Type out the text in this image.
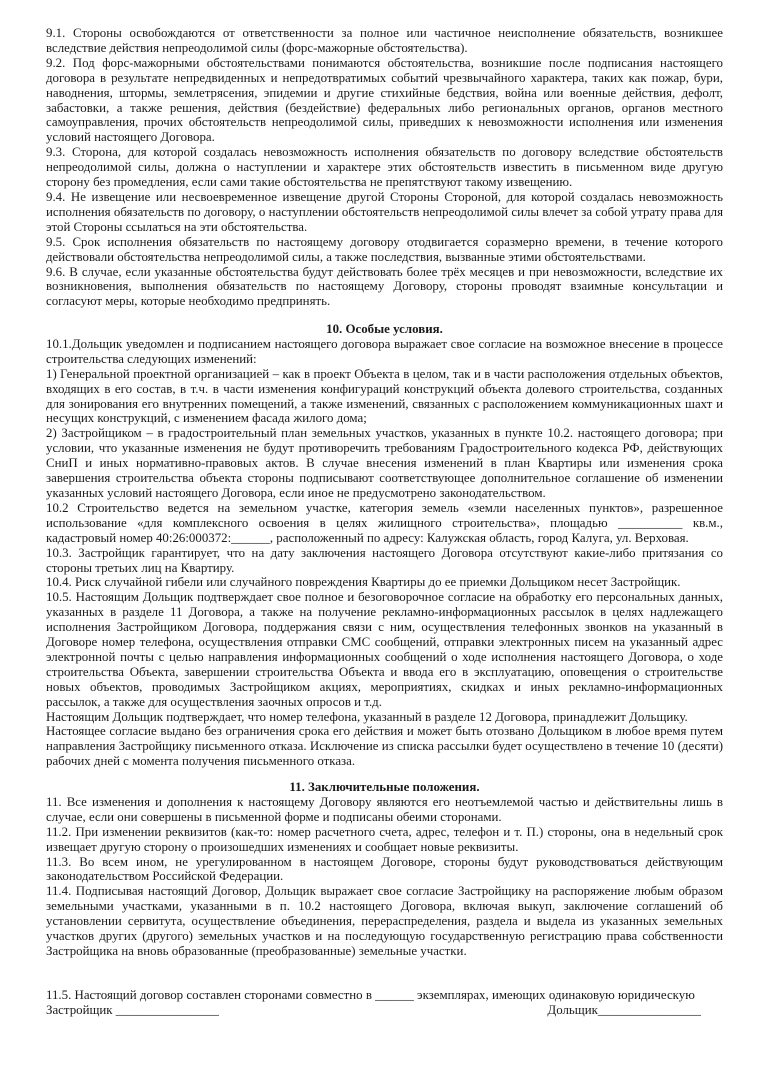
9.1. Стороны освобождаются от ответственности за полное или частичное неисполнение обязательств, возникшее вследствие действия непреодолимой силы (форс-мажорные обстоятельства).

9.2. Под форс-мажорными обстоятельствами понимаются обстоятельства, возникшие после подписания настоящего договора в результате непредвиденных и непредотвратимых событий чрезвычайного характера, таких как пожар, бури, наводнения, штормы, землетрясения, эпидемии и другие стихийные бедствия, война или военные действия, дефолт, забастовки, а также решения, действия (бездействие) федеральных либо региональных органов, органов местного самоуправления, прочих обстоятельств непреодолимой силы, приведших к невозможности исполнения или изменения условий настоящего Договора.

9.3. Сторона, для которой создалась невозможность исполнения обязательств по договору вследствие обстоятельств непреодолимой силы, должна о наступлении и характере этих обстоятельств известить в письменном виде другую сторону без промедления, если сами такие обстоятельства не препятствуют такому извещению.

9.4. Не извещение или несвоевременное извещение другой Стороны Стороной, для которой создалась невозможность исполнения обязательств по договору, о наступлении обстоятельств непреодолимой силы влечет за собой утрату права для этой Стороны ссылаться на эти обстоятельства.

9.5. Срок исполнения обязательств по настоящему договору отодвигается соразмерно времени, в течение которого действовали обстоятельства непреодолимой силы, а также последствия, вызванные этими обстоятельствами.

9.6. В случае, если указанные обстоятельства будут действовать более трёх месяцев и при невозможности, вследствие их возникновения, выполнения обязательств по настоящему Договору, стороны проводят взаимные консультации и согласуют меры, которые необходимо предпринять.

10. Особые условия.

10.1.Дольщик уведомлен и подписанием настоящего договора выражает свое согласие на возможное внесение в процессе строительства следующих изменений:

1) Генеральной проектной организацией – как в проект Объекта в целом, так и в части расположения отдельных объектов, входящих в его состав, в т.ч. в части изменения конфигураций конструкций объекта долевого строительства, созданных для зонирования его внутренних помещений, а также изменений, связанных с расположением коммуникационных шахт и несущих конструкций, с изменением фасада жилого дома;

2) Застройщиком – в градостроительный план земельных участков, указанных в пункте 10.2. настоящего договора; при условии, что указанные изменения не будут противоречить требованиям Градостроительного кодекса РФ, действующих СниП и иных нормативно-правовых актов. В случае внесения изменений в план Квартиры или изменения срока завершения строительства объекта стороны подписывают соответствующее дополнительное соглашение об изменении указанных условий настоящего Договора, если иное не предусмотрено законодательством.

10.2 Строительство ведется на земельном участке, категория земель «земли населенных пунктов», разрешенное использование «для комплексного освоения в целях жилищного строительства», площадью __________ кв.м., кадастровый номер 40:26:000372:______, расположенный по адресу: Калужская область, город Калуга, ул. Верховая.

10.3. Застройщик гарантирует, что на дату заключения настоящего Договора отсутствуют какие-либо притязания со стороны третьих лиц на Квартиру.

10.4. Риск случайной гибели или случайного повреждения Квартиры до ее приемки Дольщиком несет Застройщик.

10.5. Настоящим Дольщик подтверждает свое полное и безоговорочное согласие на обработку его персональных данных, указанных в разделе 11 Договора, а также на получение рекламно-информационных рассылок в целях надлежащего исполнения Застройщиком Договора, поддержания связи с ним, осуществления телефонных звонков на указанный в Договоре номер телефона, осуществления отправки СМС сообщений, отправки электронных писем на указанный адрес электронной почты с целью направления информационных сообщений о ходе исполнения настоящего Договора, о ходе строительства Объекта, завершении строительства Объекта и ввода его в эксплуатацию, оповещения о строительстве новых объектов, проводимых Застройщиком акциях, мероприятиях, скидках и иных рекламно-информационных рассылок, а также для осуществления заочных опросов и т.д.

Настоящим Дольщик подтверждает, что номер телефона, указанный в разделе 12 Договора, принадлежит Дольщику.

Настоящее согласие выдано без ограничения срока его действия и может быть отозвано Дольщиком в любое время путем направления Застройщику письменного отказа. Исключение из списка рассылки будет осуществлено в течение 10 (десяти) рабочих дней с момента получения письменного отказа.

11. Заключительные положения.

11. Все изменения и дополнения к настоящему Договору являются его неотъемлемой частью и действительны лишь в случае, если они совершены в письменной форме и подписаны обеими сторонами.

11.2. При изменении реквизитов (как-то: номер расчетного счета, адрес, телефон и т. П.) стороны, она в недельный срок извещает другую сторону о произошедших изменениях и сообщает новые реквизиты.

11.3. Во всем ином, не урегулированном в настоящем Договоре, стороны будут руководствоваться действующим законодательством Российской Федерации.

11.4. Подписывая настоящий Договор, Дольщик выражает свое согласие Застройщику на распоряжение любым образом земельными участками, указанными в п. 10.2 настоящего Договора, включая выкуп, заключение соглашений об установлении сервитута, осуществление объединения, перераспределения, раздела и выдела из указанных земельных участков других (другого) земельных участков и на последующую государственную регистрацию права собственности Застройщика на вновь образованные (преобразованные) земельные участки.

11.5. Настоящий договор составлен сторонами совместно в ______ экземплярах, имеющих одинаковую юридическую

Застройщик ________________	Дольщик________________
